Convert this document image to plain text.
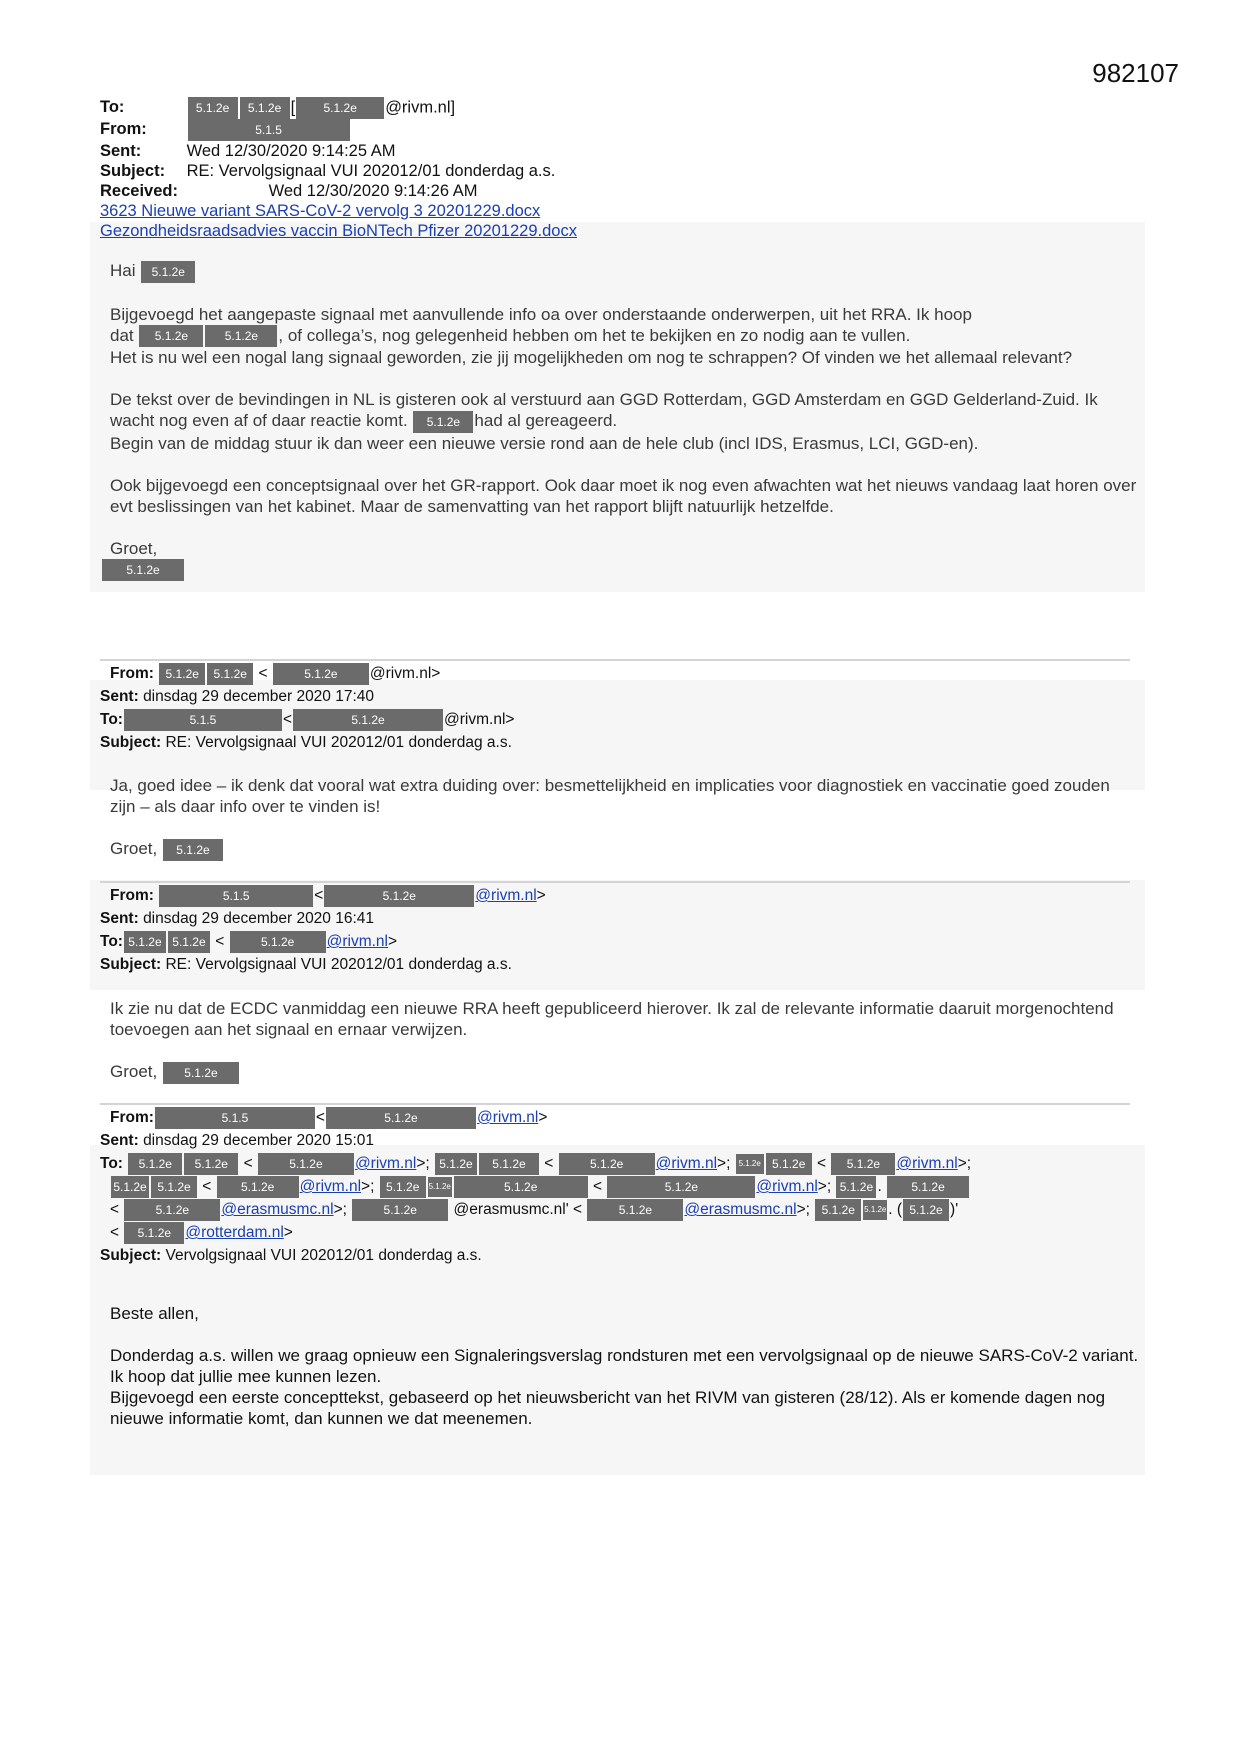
982107
To:	5.1.2e 5.1.2e [ 5.1.2e @rivm.nl]
From:	5.1.5
Sent:	Wed 12/30/2020 9:14:25 AM
Subject: RE: Vervolgsignaal VUI 202012/01 donderdag a.s.
Received:	Wed 12/30/2020 9:14:26 AM
3623 Nieuwe variant SARS-CoV-2 vervolg 3 20201229.docx
Gezondheidsraadsadvies vaccin BioNTech Pfizer 20201229.docx

Hai 5.1.2e

Bijgevoegd het aangepaste signaal met aanvullende info oa over onderstaande onderwerpen, uit het RRA. Ik hoop

dat 5.1.2e	5.1.2e , of collega’s, nog gelegenheid hebben om het te bekijken en zo nodig aan te vullen.

Het is nu wel een nogal lang signaal geworden, zie jij mogelijkheden om nog te schrappen? Of vinden we het allemaal relevant?

De tekst over de bevindingen in NL is gisteren ook al verstuurd aan GGD Rotterdam, GGD Amsterdam en GGD Gelderland-Zuid. Ik wacht nog even af of daar reactie komt. 5.1.2e had al gereageerd.

Begin van de middag stuur ik dan weer een nieuwe versie rond aan de hele club (incl IDS, Erasmus, LCI, GGD-en).

Ook bijgevoegd een conceptsignaal over het GR-rapport. Ook daar moet ik nog even afwachten wat het nieuws vandaag laat horen over evt beslissingen van het kabinet. Maar de samenvatting van het rapport blijft natuurlijk hetzelfde.

Groet,
5.1.2e
From: 5.1.2e 5.1.2e <	5.1.2e @rivm.nl>
Sent: dinsdag 29 december 2020 17:40
To:	5.1.5	<	5.1.2e	@rivm.nl>
Subject: RE: Vervolgsignaal VUI 202012/01 donderdag a.s.

Ja, goed idee – ik denk dat vooral wat extra duiding over: besmettelijkheid en implicaties voor diagnostiek en vaccinatie goed zouden zijn – als daar info over te vinden is!

Groet, 5.1.2e
From:	5.1.5	<	5.1.2e	@rivm.nl>
Sent: dinsdag 29 december 2020 16:41
To: 5.1.2e 5.1.2e <	5.1.2e @rivm.nl>
Subject: RE: Vervolgsignaal VUI 202012/01 donderdag a.s.

Ik zie nu dat de ECDC vanmiddag een nieuwe RRA heeft gepubliceerd hierover. Ik zal de relevante informatie daaruit morgenochtend toevoegen aan het signaal en ernaar verwijzen.

Groet, 5.1.2e
From:	5.1.5	<	5.1.2e	@rivm.nl>
Sent: dinsdag 29 december 2020 15:01
To: 5.1.2e 5.1.2e <	5.1.2e @rivm.nl>; 5.1.2e 5.1.2e <	5.1.2e @rivm.nl>; 5.1.2e 5.1.2e < 5.1.2e @rivm.nl>;
5.1.2e 5.1.2e < 5.1.2e @rivm.nl>; 5.1.2e 5.1.2e	5.1.2e	<	5.1.2e	@rivm.nl>; 5.1.2e . 5.1.2e
<	5.1.2e @erasmusmc.nl>;	5.1.2e @erasmusmc.nl' <	5.1.2e @erasmusmc.nl>; 5.1.2e 5.1.2e . ( 5.1.2e )'
< 5.1.2e @rotterdam.nl>
Subject: Vervolgsignaal VUI 202012/01 donderdag a.s.

Beste allen,

Donderdag a.s. willen we graag opnieuw een Signaleringsverslag rondsturen met een vervolgsignaal op de nieuwe SARS-CoV-2 variant. Ik hoop dat jullie mee kunnen lezen.

Bijgevoegd een eerste concepttekst, gebaseerd op het nieuwsbericht van het RIVM van gisteren (28/12). Als er komende dagen nog nieuwe informatie komt, dan kunnen we dat meenemen.
